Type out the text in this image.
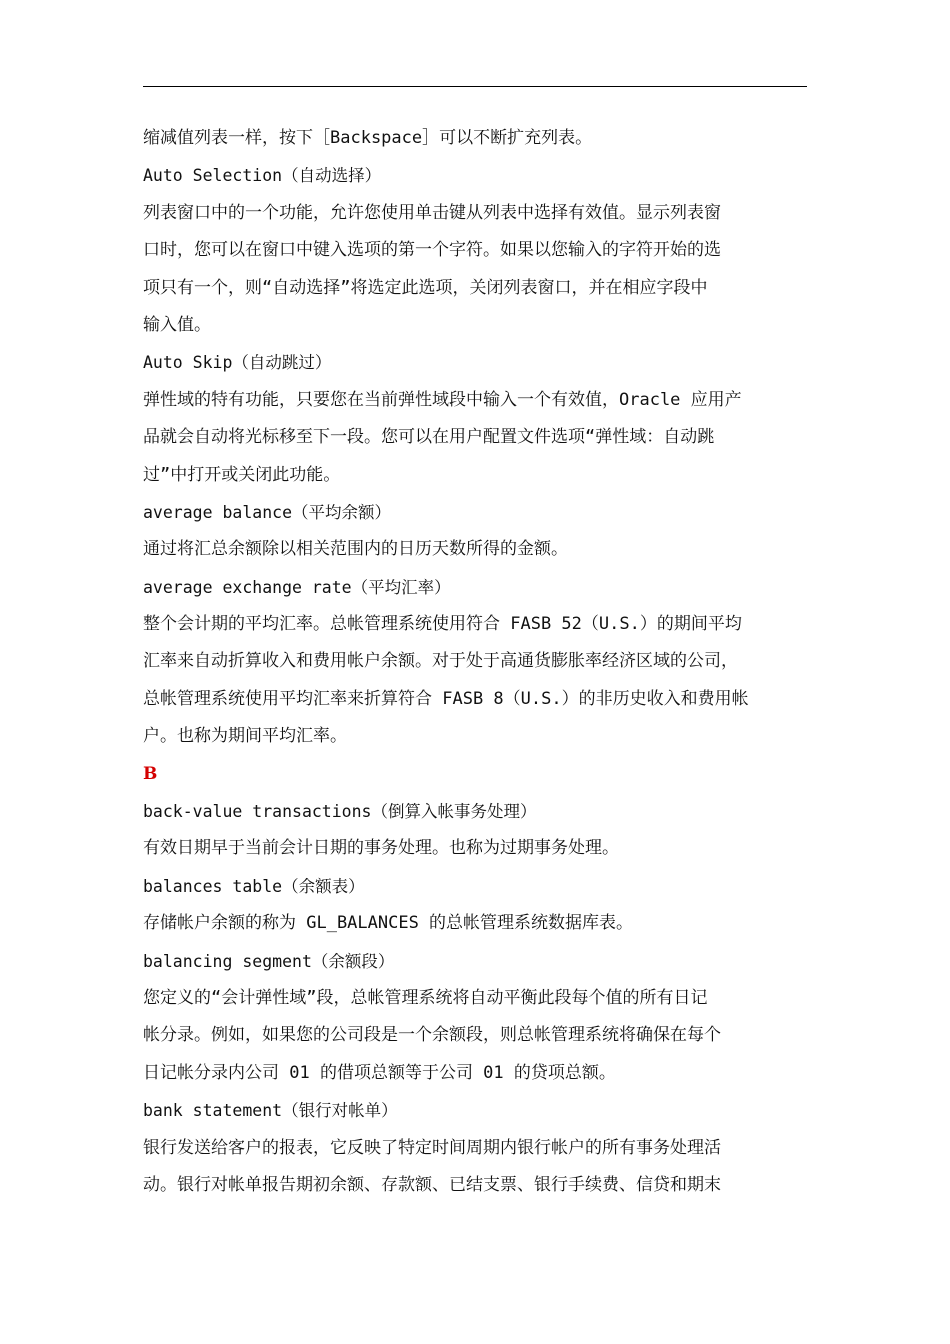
缩减值列表一样，按下［Backspace］可以不断扩充列表。
Auto Selection（自动选择）
列表窗口中的一个功能，允许您使用单击键从列表中选择有效值。显示列表窗
口时，您可以在窗口中键入选项的第一个字符。如果以您输入的字符开始的选
项只有一个，则“自动选择”将选定此选项，关闭列表窗口，并在相应字段中
输入值。
Auto Skip（自动跳过）
弹性域的特有功能，只要您在当前弹性域段中输入一个有效值，Oracle 应用产
品就会自动将光标移至下一段。您可以在用户配置文件选项“弹性域：自动跳
过”中打开或关闭此功能。
average balance（平均余额）
通过将汇总余额除以相关范围内的日历天数所得的金额。
average exchange rate（平均汇率）
整个会计期的平均汇率。总帐管理系统使用符合 FASB 52（U.S.）的期间平均
汇率来自动折算收入和费用帐户余额。对于处于高通货膨胀率经济区域的公司，
总帐管理系统使用平均汇率来折算符合 FASB 8（U.S.）的非历史收入和费用帐
户。也称为期间平均汇率。
B
back-value transactions（倒算入帐事务处理）
有效日期早于当前会计日期的事务处理。也称为过期事务处理。
balances table（余额表）
存储帐户余额的称为 GL_BALANCES 的总帐管理系统数据库表。
balancing segment（余额段）
您定义的“会计弹性域”段，总帐管理系统将自动平衡此段每个值的所有日记
帐分录。例如，如果您的公司段是一个余额段，则总帐管理系统将确保在每个
日记帐分录内公司 01 的借项总额等于公司 01 的贷项总额。
bank statement（银行对帐单）
银行发送给客户的报表，它反映了特定时间周期内银行帐户的所有事务处理活
动。银行对帐单报告期初余额、存款额、已结支票、银行手续费、信贷和期末
